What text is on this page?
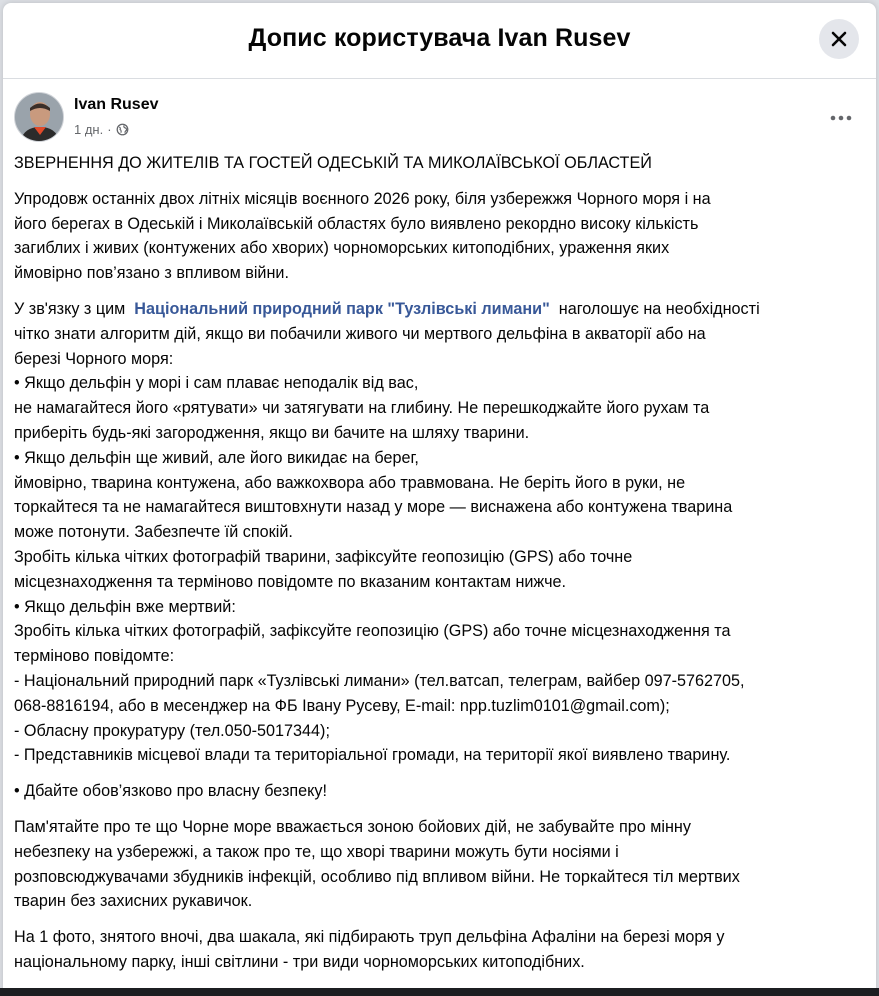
Допис користувача Ivan Rusev
Ivan Rusev
1 дн. ·

ЗВЕРНЕННЯ ДО ЖИТЕЛІВ ТА ГОСТЕЙ ОДЕСЬКІЙ ТА МИКОЛАЇВСЬКОЇ ОБЛАСТЕЙ

Упродовж останніх двох літніх місяців воєнного 2026 року, біля узбережжя Чорного моря і на
його берегах в Одеській і Миколаївській областях було виявлено рекордно високу кількість
загиблих і живих (контужених або хворих) чорноморських китоподібних, ураження яких
ймовірно пов’язано з впливом війни.

У зв'язку з цим  Національний природний парк "Тузлівські лимани"  наголошує на необхідності
чітко знати алгоритм дій, якщо ви побачили живого чи мертвого дельфіна в акваторії або на
березі Чорного моря:
• Якщо дельфін у морі і сам плаває неподалік від вас,
не намагайтеся його «рятувати» чи затягувати на глибину. Не перешкоджайте його рухам та
приберіть будь-які загородження, якщо ви бачите на шляху тварини.
• Якщо дельфін ще живий, але його викидає на берег,
ймовірно, тварина контужена, або важкохвора або травмована. Не беріть його в руки, не
торкайтеся та не намагайтеся виштовхнути назад у море — виснажена або контужена тварина
може потонути. Забезпечте їй спокій.
Зробіть кілька чітких фотографій тварини, зафіксуйте геопозицію (GPS) або точне
місцезнаходження та терміново повідомте по вказаним контактам нижче.
• Якщо дельфін вже мертвий:
Зробіть кілька чітких фотографій, зафіксуйте геопозицію (GPS) або точне місцезнаходження та
терміново повідомте:
- Національний природний парк «Тузлівські лимани» (тел.ватсап, телеграм, вайбер 097-5762705,
068-8816194, або в месенджер на ФБ Івану Русеву, E-mail: npp.tuzlim0101@gmail.com);
- Обласну прокуратуру (тел.050-5017344);
- Представників місцевої влади та територіальної громади, на території якої виявлено тварину.

• Дбайте обов’язково про власну безпеку!

Пам'ятайте про те що Чорне море вважається зоною бойових дій, не забувайте про мінну
небезпеку на узбережжі, а також про те, що хворі тварини можуть бути носіями і
розповсюджувачами збудників інфекцій, особливо під впливом війни. Не торкайтеся тіл мертвих
тварин без захисних рукавичок.

На 1 фото, знятого вночі, два шакала, які підбирають труп дельфіна Афаліни на березі моря у
національному парку, інші світлини - три види чорноморських китоподібних.
